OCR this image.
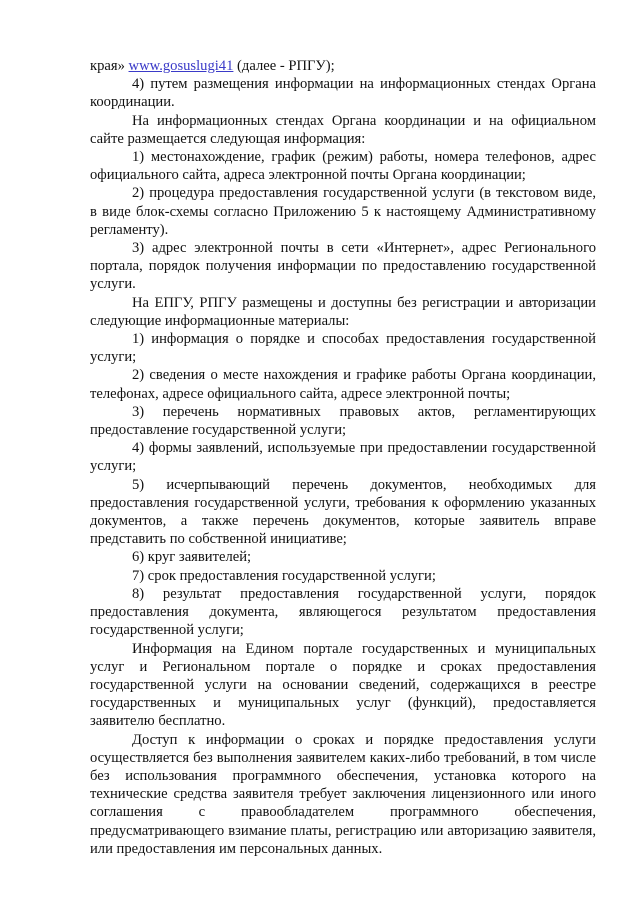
края» www.gosuslugi41 (далее - РПГУ);

4) путем размещения информации на информационных стендах Органа координации.

На информационных стендах Органа координации и на официальном сайте размещается следующая информация:

1) местонахождение, график (режим) работы, номера телефонов, адрес официального сайта, адреса электронной почты Органа координации;

2) процедура предоставления государственной услуги (в текстовом виде, в виде блок-схемы согласно Приложению 5 к настоящему Административному регламенту).

3) адрес электронной почты в сети «Интернет», адрес Регионального портала, порядок получения информации по предоставлению государственной услуги.

На ЕПГУ, РПГУ размещены и доступны без регистрации и авторизации следующие информационные материалы:

1) информация о порядке и способах предоставления государственной услуги;

2) сведения о месте нахождения и графике работы Органа координации, телефонах, адресе официального сайта, адресе электронной почты;

3) перечень нормативных правовых актов, регламентирующих предоставление государственной услуги;

4) формы заявлений, используемые при предоставлении государственной услуги;

5) исчерпывающий перечень документов, необходимых для предоставления государственной услуги, требования к оформлению указанных документов, а также перечень документов, которые заявитель вправе представить по собственной инициативе;

6) круг заявителей;

7) срок предоставления государственной услуги;

8) результат предоставления государственной услуги, порядок предоставления документа, являющегося результатом предоставления государственной услуги;

Информация на Едином портале государственных и муниципальных услуг и Региональном портале о порядке и сроках предоставления государственной услуги на основании сведений, содержащихся в реестре государственных и муниципальных услуг (функций), предоставляется заявителю бесплатно.

Доступ к информации о сроках и порядке предоставления услуги осуществляется без выполнения заявителем каких-либо требований, в том числе без использования программного обеспечения, установка которого на технические средства заявителя требует заключения лицензионного или иного соглашения с правообладателем программного обеспечения, предусматривающего взимание платы, регистрацию или авторизацию заявителя, или предоставления им персональных данных.
